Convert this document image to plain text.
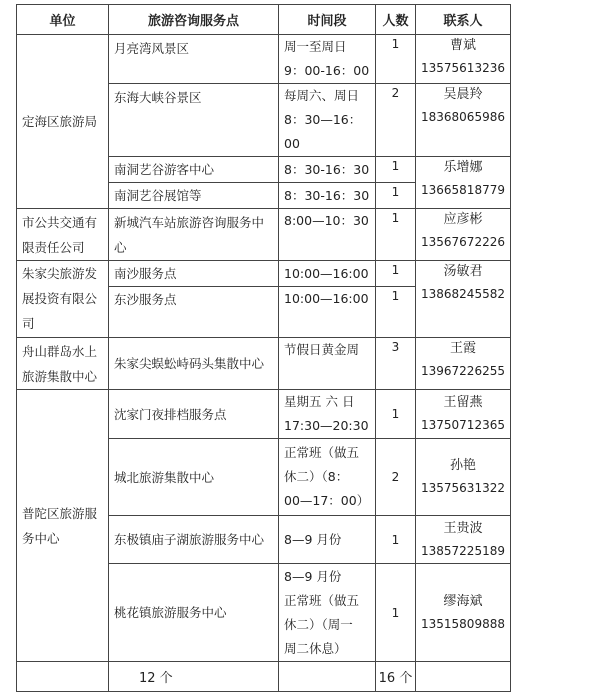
单位	旅游咨询服务点	时间段	人数	联系人
定海区旅游局	月亮湾风景区	周一至周日
9：00-16：00	1	曹斌
13575613236

	东海大峡谷景区	每周六、周日
8：30—16：00	2	吴晨羚
18368065986

	南洞艺谷游客中心	8：30-16：30	1	乐增娜
13665818779

	南洞艺谷展馆等	8：30-16：30	1	
市公共交通有限责任公司	新城汽车站旅游咨询服务中心	8:00—10：30	1	应彦彬
13567672226

朱家尖旅游发展投资有限公司	南沙服务点	10:00—16:00	1	汤敏君
13868245582

	东沙服务点	10:00—16:00	1	
舟山群岛水上旅游集散中心	朱家尖蜈蚣峙码头集散中心	节假日黄金周	3	王霞
13967226255

普陀区旅游服务中心	沈家门夜排档服务点	星期五 六 日
17:30—20:30	1	王留燕
13750712365

	城北旅游集散中心	正常班（做五
休二）（8：
00—17：00）	2	孙艳
13575631322

	东极镇庙子湖旅游服务中心	8—9 月份	1	王贵波
13857225189

	桃花镇旅游服务中心	8—9 月份
正常班（做五
休二）（周一
周二休息）	1	缪海斌
13515809888

	12 个		16 个	
